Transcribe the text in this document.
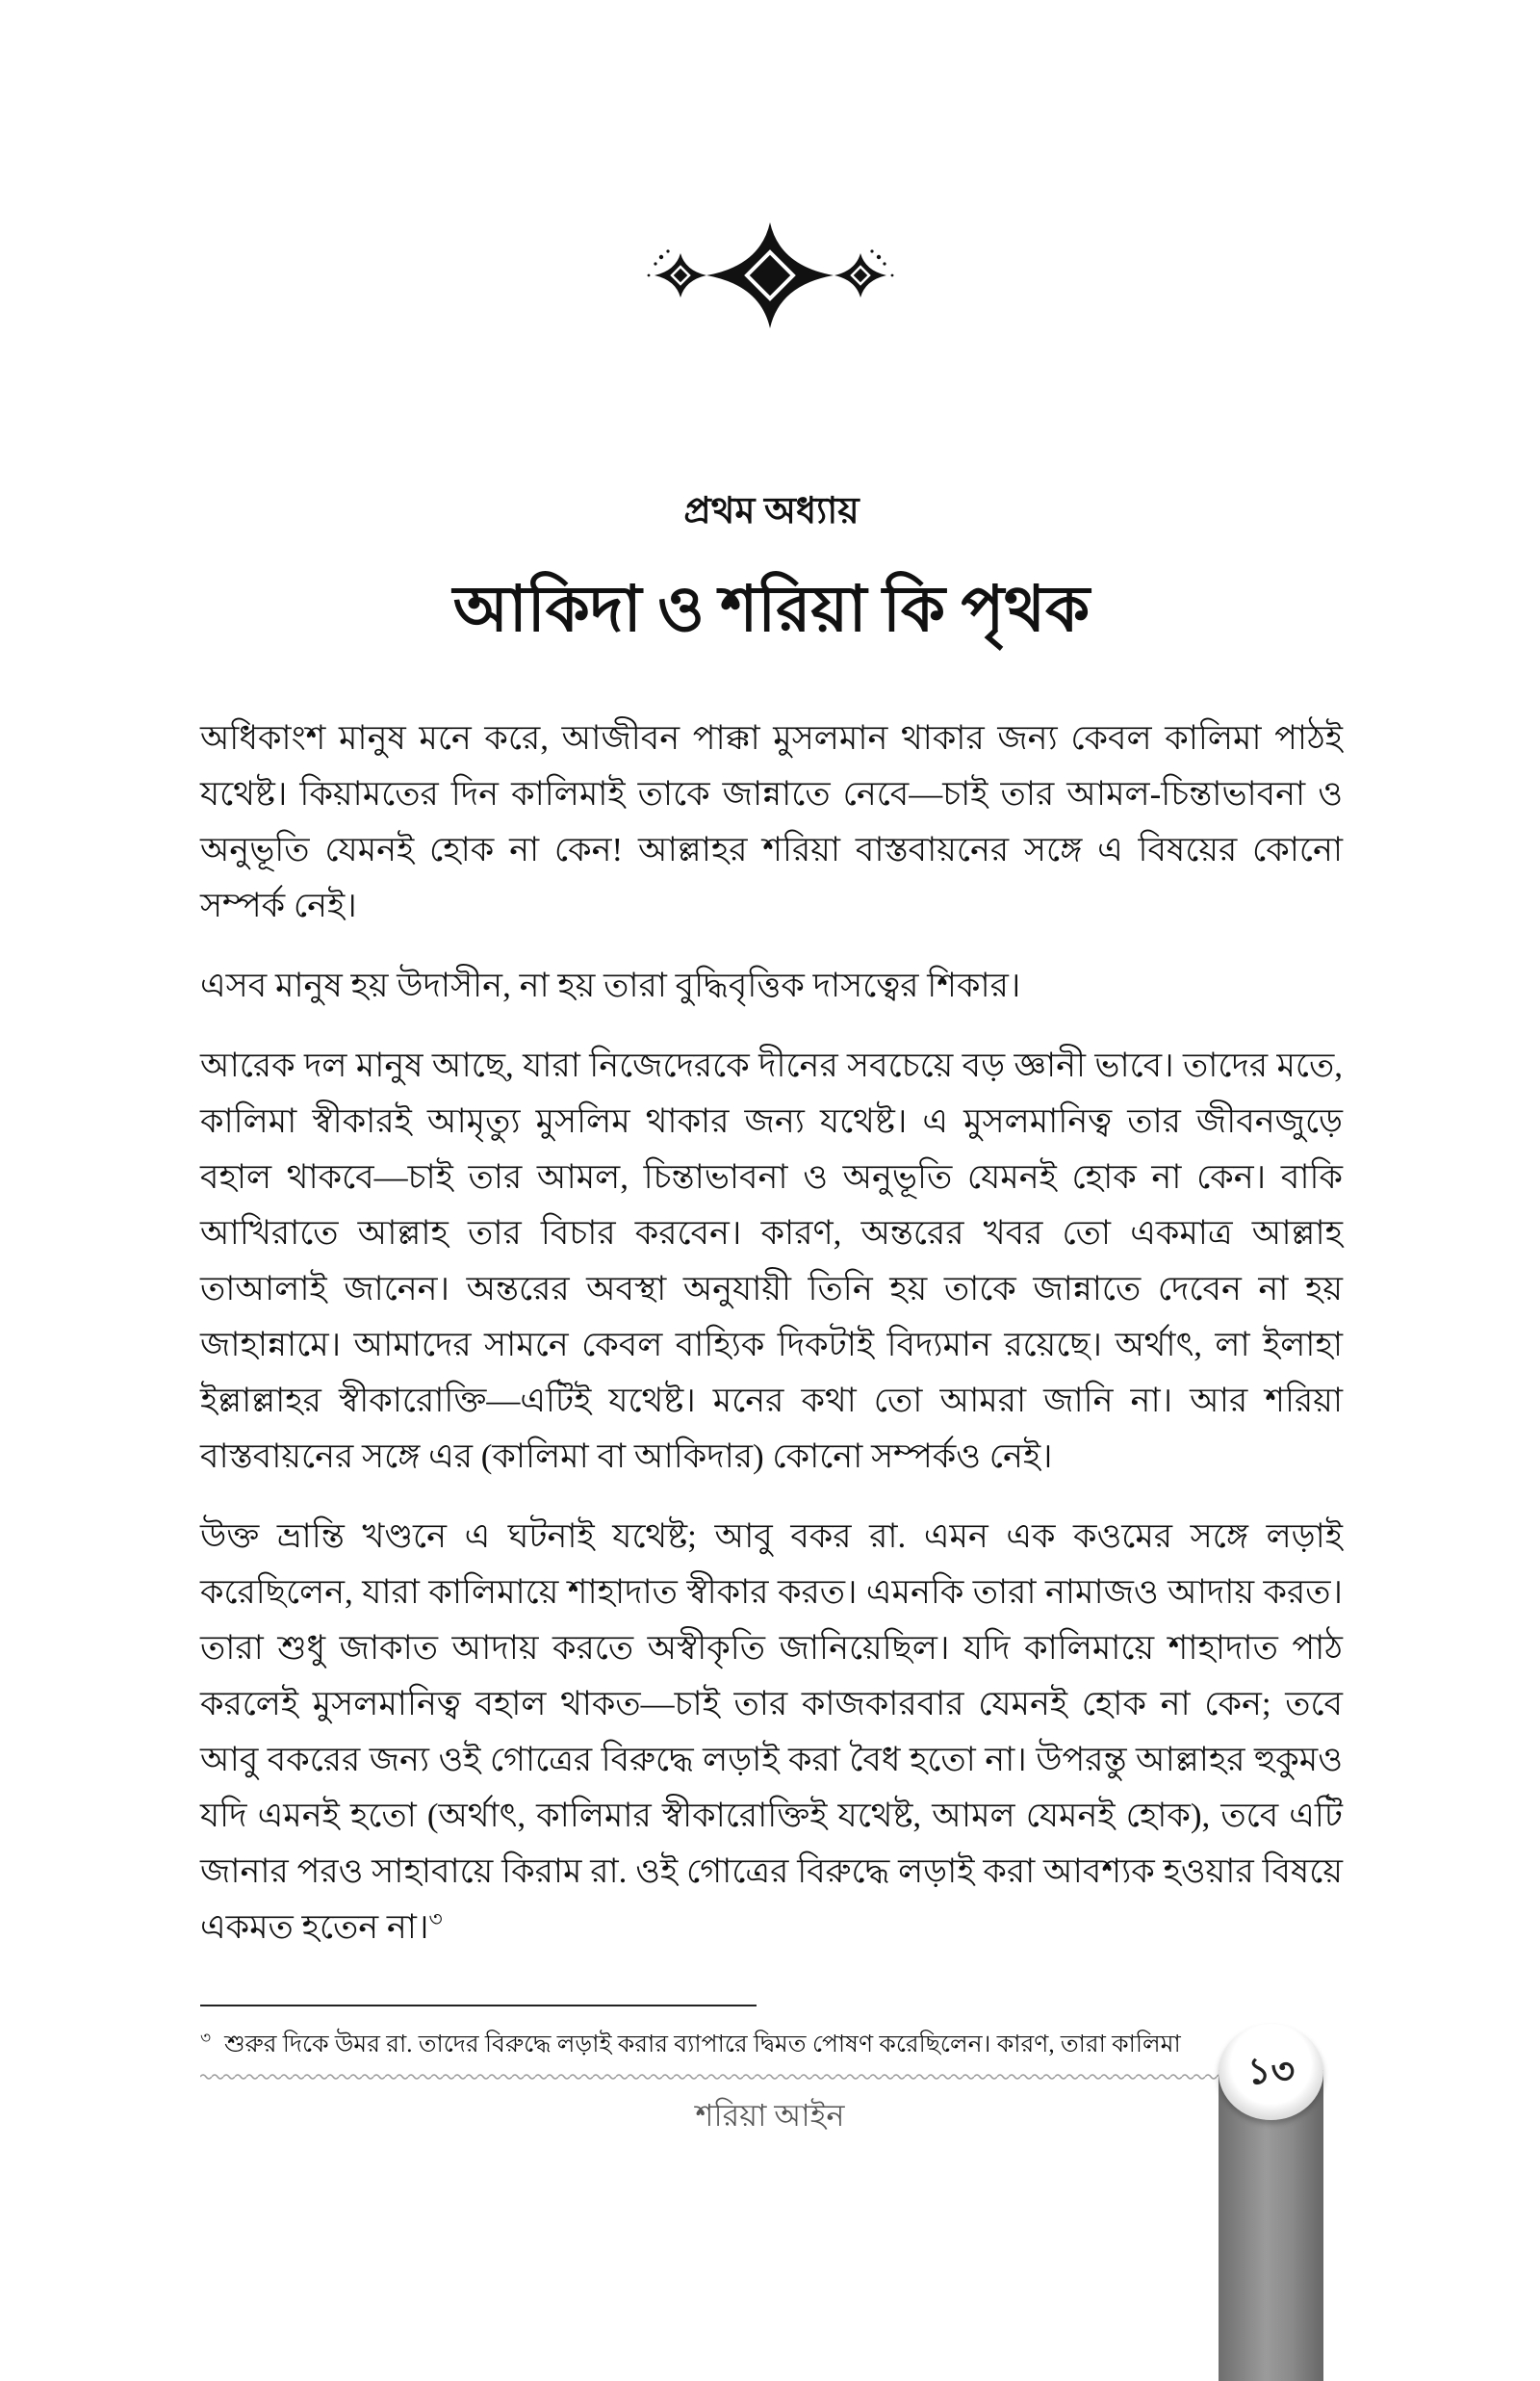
প্রথম অধ্যায়
আকিদা ও শরিয়া কি পৃথক

অধিকাংশ মানুষ মনে করে, আজীবন পাক্কা মুসলমান থাকার জন্য কেবল কালিমা পাঠই যথেষ্ট। কিয়ামতের দিন কালিমাই তাকে জান্নাতে নেবে—চাই তার আমল-চিন্তাভাবনা ও অনুভূতি যেমনই হোক না কেন! আল্লাহর শরিয়া বাস্তবায়নের সঙ্গে এ বিষয়ের কোনো সম্পর্ক নেই।

এসব মানুষ হয় উদাসীন, না হয় তারা বুদ্ধিবৃত্তিক দাসত্বের শিকার।

আরেক দল মানুষ আছে, যারা নিজেদেরকে দীনের সবচেয়ে বড় জ্ঞানী ভাবে। তাদের মতে, কালিমা স্বীকারই আমৃত্যু মুসলিম থাকার জন্য যথেষ্ট। এ মুসলমানিত্ব তার জীবনজুড়ে বহাল থাকবে—চাই তার আমল, চিন্তাভাবনা ও অনুভূতি যেমনই হোক না কেন। বাকি আখিরাতে আল্লাহ তার বিচার করবেন। কারণ, অন্তরের খবর তো একমাত্র আল্লাহ তাআলাই জানেন। অন্তরের অবস্থা অনুযায়ী তিনি হয় তাকে জান্নাতে দেবেন না হয় জাহান্নামে। আমাদের সামনে কেবল বাহ্যিক দিকটাই বিদ্যমান রয়েছে। অর্থাৎ, লা ইলাহা ইল্লাল্লাহর স্বীকারোক্তি—এটিই যথেষ্ট। মনের কথা তো আমরা জানি না। আর শরিয়া বাস্তবায়নের সঙ্গে এর (কালিমা বা আকিদার) কোনো সম্পর্কও নেই।

উক্ত ভ্রান্তি খণ্ডনে এ ঘটনাই যথেষ্ট; আবু বকর রা. এমন এক কওমের সঙ্গে লড়াই করেছিলেন, যারা কালিমায়ে শাহাদাত স্বীকার করত। এমনকি তারা নামাজও আদায় করত। তারা শুধু জাকাত আদায় করতে অস্বীকৃতি জানিয়েছিল। যদি কালিমায়ে শাহাদাত পাঠ করলেই মুসলমানিত্ব বহাল থাকত—চাই তার কাজকারবার যেমনই হোক না কেন; তবে আবু বকরের জন্য ওই গোত্রের বিরুদ্ধে লড়াই করা বৈধ হতো না। উপরন্তু আল্লাহর হুকুমও যদি এমনই হতো (অর্থাৎ, কালিমার স্বীকারোক্তিই যথেষ্ট, আমল যেমনই হোক), তবে এটি জানার পরও সাহাবায়ে কিরাম রা. ওই গোত্রের বিরুদ্ধে লড়াই করা আবশ্যক হওয়ার বিষয়ে একমত হতেন না।$^৩$

$^৩$ শুরুর দিকে উমর রা. তাদের বিরুদ্ধে লড়াই করার ব্যাপারে দ্বিমত পোষণ করেছিলেন। কারণ, তারা কালিমা
শরিয়া আইন
১৩
